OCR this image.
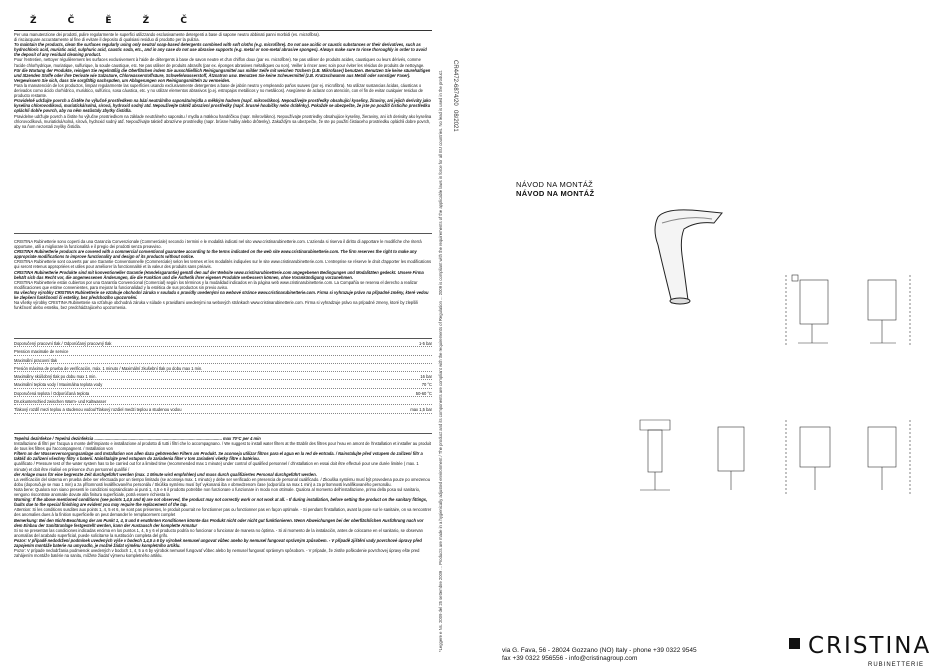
Ž Č Ě Ž Č

Per una manutenzione dei prodotti, pulire regolarmente le superfici utilizzando esclusivamente detergenti a base di sapone neutro abbinati panni morbidi (es. microfibra).

di risciacquare accuratamente al fine di evitare il deposito di qualsiasi residuo di prodotto per la pulizia.

To maintain the products, clean the surfaces regularly using only neutral soap-based detergents combined with soft cloths (e.g. microfibre). Do not use acidic or caustic substances or their derivatives, such as hydrochloric acid, muriatic acid, sulphuric acid, caustic soda, etc., and in any case do not use abrasive supports (e.g. metal or non-metal abrasive sponges). Always make sure to rinse thoroughly in order to avoid the deposit of any residual cleaning product.

Pour l'entretien, nettoyer régulièrement les surfaces exclusivement à l'aide de détergents à base de savon neutre et d'un chiffon doux (par ex. microfibre). Ne pas utiliser de produits acides, caustiques ou leurs dérivés, comme l'acide chlorhydrique, muriatique, sulfurique, la soude caustique, etc. Ne pas utiliser de produits abrasifs (par ex. éponges abrasives métalliques ou non). Veiller à rincer avec soin pour éviter les résidus de produits de nettoyage.

Für die Wartung der Produkte, reinigen Sie regelmäßig die Oberflächen indem Sie ausschließlich Reinigungsmittel aus milder Seife mit weichen Tüchern (z.B. Mikrofaser) benutzen. Benutzen Sie keine säurehaltigen und ätzenden Stoffe oder ihre Derivate wie Salzsäure, Chlorwasserstoffsäure, Schwefelwasserstoff, Ätznatron usw. Benutzen Sie keine Scheuermittel (z.B. Kratzschwamm aus Metall oder sonstiger Faser). Vergewissern Sie sich, dass Sie sorgfältig nachspülen, um Ablagerungen von Reinigungsmitteln zu vermeiden.

Para la manutención de los productos, limpiar regularmente las superficies usando exclusivamente detergentes a base de jabón neutro y empleando paños suaves (por ej. microfibra). No utilizar sustancias ácidas, cáusticas o derivados como ácido clorhídrico, muriático, sulfúrico, sosa cáustica, etc. y no utilizar elementos abrasivos (p.ej. estropajos metálicos y no metálicos). Asegúrese de aclarar con atención, con el fin de evitar cualquier residuo de producto restante.

Pravidelně udržujte povrch a čistěte ho výlučně prostředkem na bázi neutrálního saponátu/mýdla a měkkým hadrem (např. mikrovlákno). Nepoužívejte prostředky obsahující kyseliny, žíraviny, ani jejich deriváty jako kyselina chlorovodíková, muriatická/solná, sírová, hydroxid sodný atd. Nepoužívejte taktéž abrazivní prostředky (např. brusné houbičky nebo drátěnky). Pokaždé se ubezpečte, že jste po použití čisticího prostředku opláchli dobře povrch, aby na něm nezůstaly zbytky čistidla.

Pravidelne udržujte povrch a čistite ho výlučne prostriedkom na základe neutrálneho saponátu / mydla a mäkkou handričkou (napr. mikrovlákno). Nepoužívajte prostriedky obsahujúce kyseliny, žieraviny, ani ich deriváty ako kyselina chlorovodíková, muriatická/solná, sírová, hydroxid sodný atď. Nepoužívajte taktiež abrazívne prostriedky (napr. brúsne hubky alebo drôtenky). Zakaždým sa ubezpečte, že ste po použití čistiaceho prostriedku opláchli dobre povrch, aby na ňom nezostali zvyšky čistidla.

CRISTINA Rubinetterie sono coperti da una Garanzia Convenzionale (Commerciale) secondo i termini e le modalità indicati nel sito www.cristinarubinetterie.com. L'azienda si riserva il diritto di apportare le modifiche che riterrà opportune, utili a migliorare la funzionalità e il pregio dei prodotti senza preavviso.

CRISTINA Rubinetterie products are covered with a commercial conventional guarantee according to the terms indicated on the web site www.cristinarubinetterie.com. The firm reserves the right to make any appropriate modifications to improve functionality and design of its products without notice.

CRISTINA Rubinetterie sont couverts par une Garantie Conventionnelle (Commerciale) selon les termes et les modalités indiquées sur le site www.cristinarubinetterie.com. L'entreprise se réserve le droit d'apporter les modifications qui seront retenus appropriées et utiles pour améliorer la fonctionnalité et la valeur des produits sans préavis.

CRISTINA Rubinetterie Produkte sind mit konventioneller Garantie (Handelsgarantie) gemäß den auf der Website www.cristinarubinetterie.com angegebenen Bedingungen und Modalitäten gedeckt. Unsere Firma behält sich das Recht vor, die angemessenen Änderungen, die die Funktion und die Ästhetik ihrer eigenen Produkte verbessern können, ohne Vorankündigung vorzunehmen.

CRISTINA Rubinetterie están cubiertos por una Garantía Convencional (Comercial) según los términos y la modalidad indicados en la página web www.cristinarubinetterie.com. La Compañía se reserva el derecho a realizar modificaciones que estime convenientes, para mejorar la funcionalidad y la estética de sus productos sin previo aviso.

Na všechny výrobky CRISTINA Rubinetterie se vztahuje obchodní záruka v souladu s pravidly uvedenými na webové stránce www.cristinarubinetterie.com. Firma si vyhrazuje právo na případné změny, které vedou ke zlepšení funkčnosti či estetiky, bez předchozího upozornění.

Na všetky výrobky CRISTINA Rubinetterie sa vzťahuje obchodná záruka v súlade s pravidlami uvedenými na webových stránkach www.cristinarubinetterie.com. Firma si vyhradzuje právo na prípadné zmeny, ktoré by zlepšili funkčnosť alebo estetiku, bez predchádzajúceho upozornenia.

Doporučený pracovní tlak / Odporúčaný pracovný tlak	1-5 bar
Pression maximale de service
Maximální pracovní tlak
Presión máxima de prueba de verificación, máx. 1 minuto / Maximální zkušební tlak po dobu max 1 min.
Maximálny skúšobný tlak po dobu max 1 min.	16 bar
Maximální teplota vody / Maximálna teplota vody	70 °C
Doporučená teplota / Odporúčaná teplota	50-60 °C
Druckunterschied zwischen Warm- und Kaltwasser
Tlakový rozdíl mezi teplou a studenou vodou/Tlakový rozdiel medzi teplou a studenou vodou	max 1,5 bar

Tepelná dezinfekce / Tepelná dezinfekcia ................................................................................................................ max 70°C per 4 min

Installazione di filtri per l'acqua a monte dell'impianto e installazione al prodotto di tutti i filtri che lo accompagnano. / We suggest to install water filters at the Etablir des filtres pour l'eau en amont de l'installation et installer au produit de tous les filtres qui l'accompagnent. / Installation von

Filtern an der Wasserversorgungsanlage und Installation von allen dazu gehörenden Filtern am Produkt. Se aconseja utilizar filtros para el agua en la red de entrada. / Nainstalujte před vstupem do zařízení filtr a taktéž do zařízení všechny filtry s baterií. Nainštalujte pred vstupom do zariadenia filter v tom zariadení všetky filtre s batériou.

qualificato / Pressure test of the water system has to be carried out for a limited time (recommended max 1 minute) under control of qualified personnel / d'installation en essai doit être effectué pour une durée limitée ( max. 1 minute) et doit être réalisé en présence d'un personnel qualifié /

der Anlage muss für eine begrenzte Zeit durchgeführt werden (max. 1 Minute wird empfohlen) und muss durch qualifiziertes Personal durchgeführt werden.

La verificación del sistema en prueba debe ser efectuada por un tiempo limitado (se aconseja max. 1 minuto) y debe ser verificado en presencia de personal cualificado. / Zkouška systému musí být provedena pouze po omezenou dobu (doporučuje se max 1 min) a za přítomnosti kvalifikovaného personálu / Skúška systému musí byť vykonaná iba v obmedzenom čase (odporúča sa max 1 min) a za prítomnosti kvalifikovaného personálu.

Nota bene: Qualora non siano presenti le condizioni sopraindicate ai punti 1, 4,5 e 6 il prodotto potrebbe non funzionare o funzionare in modo non ottimale. Qualora al momento dell'installazione, prima della posa sul sanitario, vengono riscontrate anomalie dovute alla finitura superficiale, potrà essere richiesta la

Warning: If the above mentioned conditions (see points 1,4,5 and 6) are not observed, the product may not correctly work or not work at all. - If during installation, before setting the product on the sanitary fittings, faults due to the special finishing are evident you may require the replacement of the tap.

Attention: Si les conditions susdites aux points 1, 4, 5 et 6, ne sont pas présentes, le produit pourrait ne fonctionner pas ou fonctionner pas en façon optimale. - Si pendant l'installation, avant la pose sur le sanitaire, on va rencontrer des anomalies dues à la finition superficielle on peut demander le remplacement complet

Bemerkung: Bei den Nicht-Beachtung der am Punkt 1, 4, 5 und 6 erwähnten Konditionen könnte das Produkt nicht oder nicht gut funktionieren. Wenn Abweichungen bei der oberflächlichen Ausführung nach vor dem Einbau der Sanitäranlage festgestellt werden, kann der Austausch der komplette Armatur

Si no se presentan las condiciones indicadas encima en los puntos 1, 4, 5 y 6 el producto podría no funcionar o funcionar de manera no óptima. - Si al momento de la instalación, antes de colocarse en el sanitario, se observan anomalías del acabado superficial, puede solicitarse la sustitución completa del grifo.

Pozor: V případě nedodržení podmínek uvedených výše v bodech 1,4,5 a 6 by výrobek nemusel ungovat vůbec anebo by nemusel fungovat správným způsobem. - V případě zjištění vady povrchové úpravy před zapojením montáže baterie na umyvadlo, je možné žádat výměnu kompletního artiklu.

Pozor: V prípade nedodržania podmienok uvedených v bodoch 1, 4, 5 a 6 by výrobok nemusel fungovať vôbec alebo by nemusel fungovať správnym spôsobom. - V prípade, že zistíte poškodenie povrchovej úpravy ešte pred zahájením montáže batérie na sanitu, môžete žiadať výmenu kompletného artiklu.	*Leggere e Ns. 2009 del 25 settembre 2009 ... Products are made in a hygienically adjusted environment / The product and its components are compliant with the requirements of Regulation ... 2009 is compliant with the requirements of the applicable laws in force for all EU countries. No lead is used in the product. CR4472-6874/20
08/2021
NÁVOD NA MONTÁŽ
NÁVOD NA MONTÁŽ
via G. Fava, 56 - 28024 Gozzano (NO) Italy - phone +39 0322 9545
fax +39 0322 956556 - info@cristinagroup.com	CRISTINA
RUBINETTERIE
